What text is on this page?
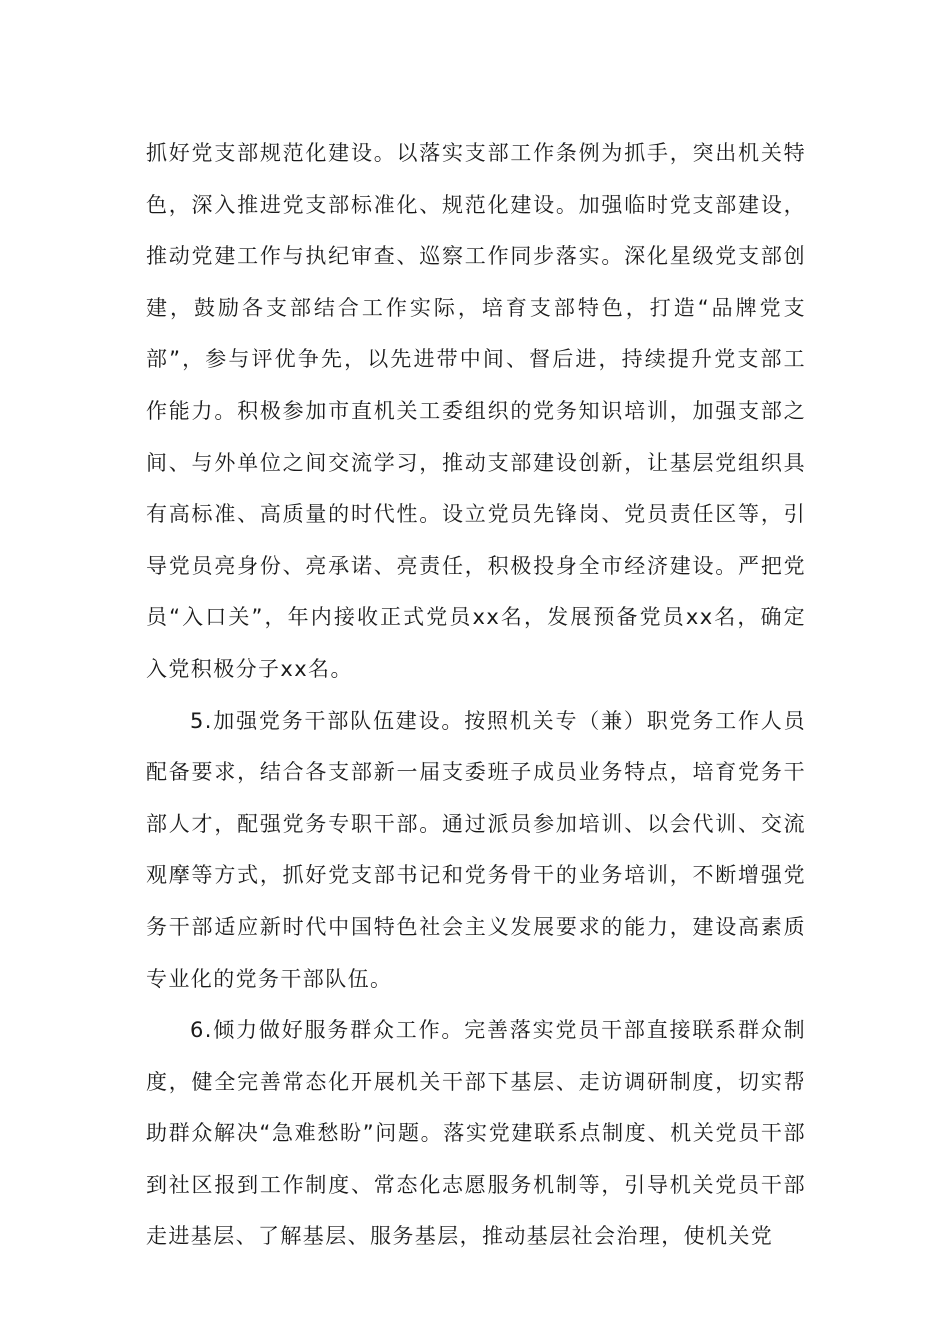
抓好党支部规范化建设。以落实支部工作条例为抓手，突出机关特色，深入推进党支部标准化、规范化建设。加强临时党支部建设，推动党建工作与执纪审查、巡察工作同步落实。深化星级党支部创建，鼓励各支部结合工作实际，培育支部特色，打造“品牌党支部”，参与评优争先，以先进带中间、督后进，持续提升党支部工作能力。积极参加市直机关工委组织的党务知识培训，加强支部之间、与外单位之间交流学习，推动支部建设创新，让基层党组织具有高标准、高质量的时代性。设立党员先锋岗、党员责任区等，引导党员亮身份、亮承诺、亮责任，积极投身全市经济建设。严把党员“入口关”，年内接收正式党员xx名，发展预备党员xx名，确定入党积极分子xx名。

5.加强党务干部队伍建设。按照机关专（兼）职党务工作人员配备要求，结合各支部新一届支委班子成员业务特点，培育党务干部人才，配强党务专职干部。通过派员参加培训、以会代训、交流观摩等方式，抓好党支部书记和党务骨干的业务培训，不断增强党务干部适应新时代中国特色社会主义发展要求的能力，建设高素质专业化的党务干部队伍。

6.倾力做好服务群众工作。完善落实党员干部直接联系群众制度，健全完善常态化开展机关干部下基层、走访调研制度，切实帮助群众解决“急难愁盼”问题。落实党建联系点制度、机关党员干部到社区报到工作制度、常态化志愿服务机制等，引导机关党员干部走进基层、了解基层、服务基层，推动基层社会治理，使机关党
